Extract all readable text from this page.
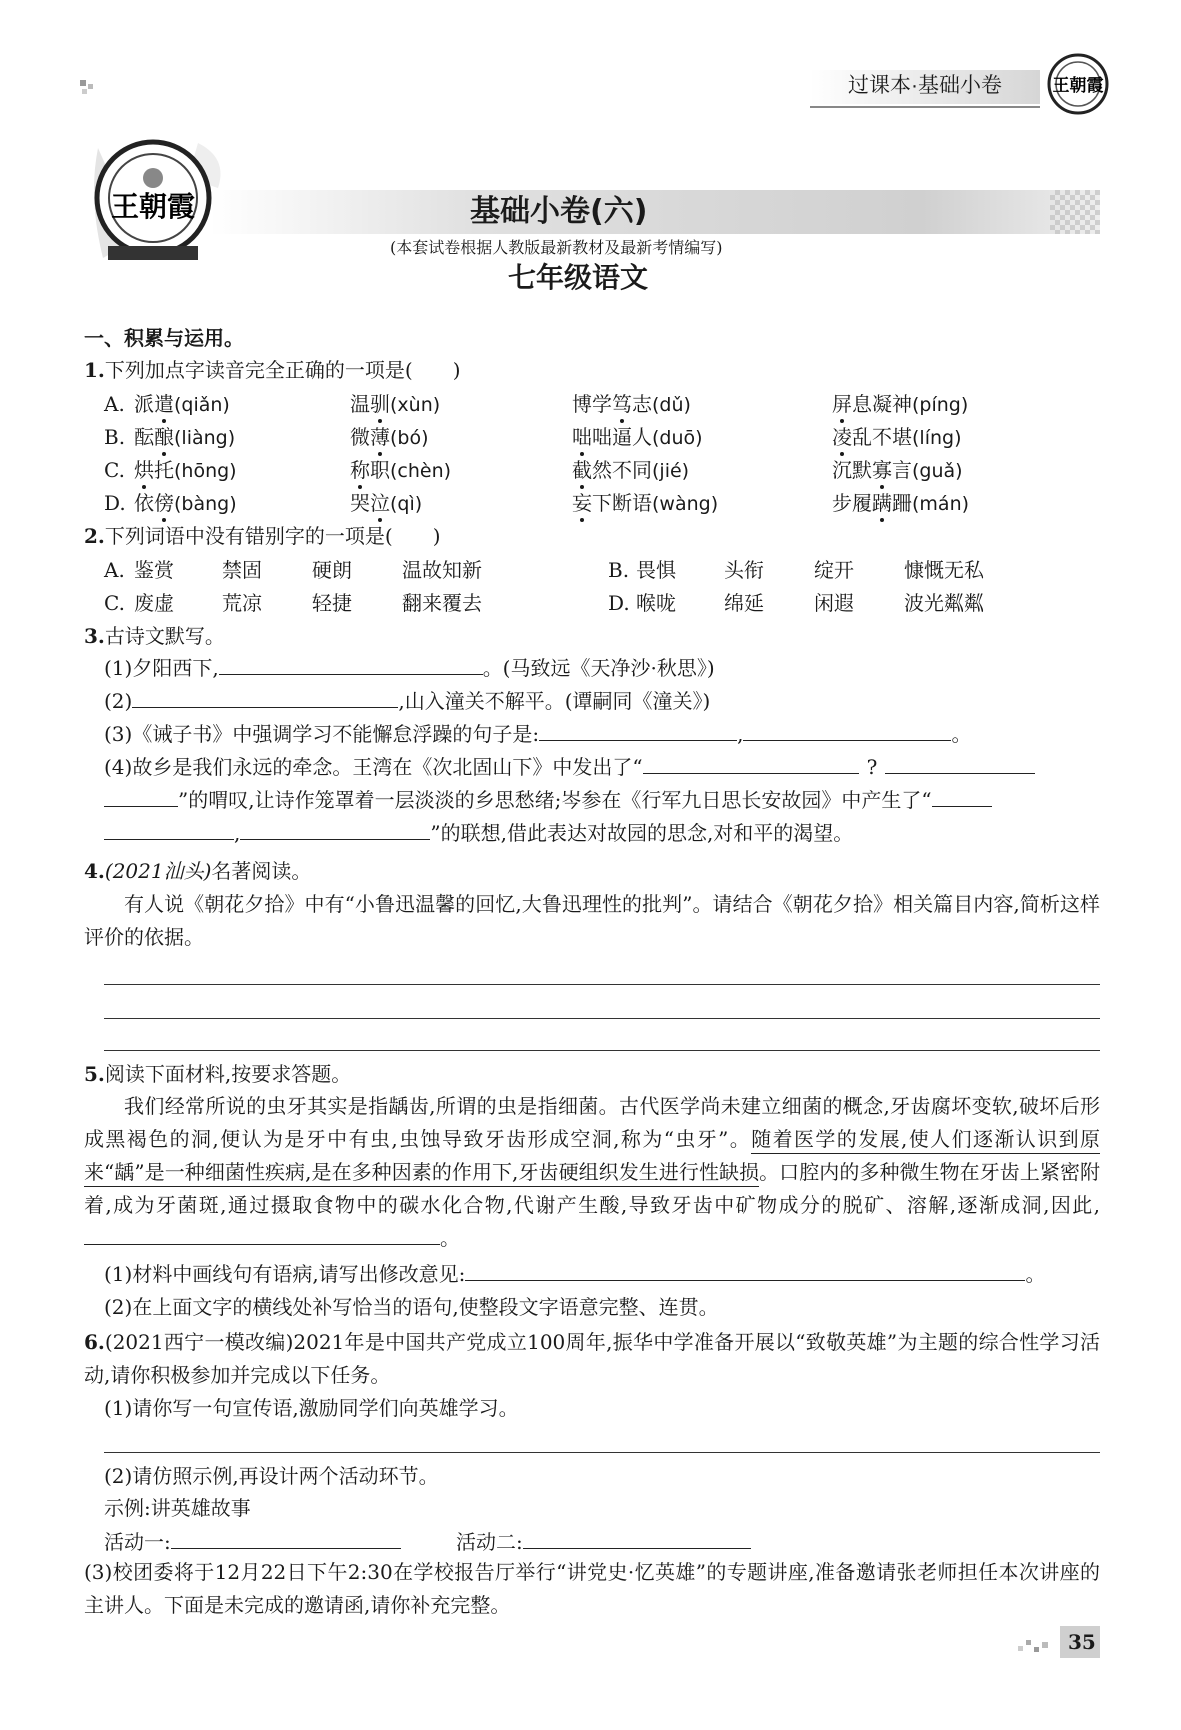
过课本·基础小卷	王朝霞
王朝霞	基础小卷(六)
(本套试卷根据人教版最新教材及最新考情编写)
七年级语文
一、积累与运用。
1.下列加点字读音完全正确的一项是(　　)
A. 派遣(qiǎn)	温驯(xùn)	博学笃志(dǔ)	屏息凝神(píng)
B. 酝酿(liàng)	微薄(bó)	咄咄逼人(duō)	凌乱不堪(líng)
C. 烘托(hōng)	称职(chèn)	截然不同(jié)	沉默寡言(guǎ)
D. 依傍(bàng)	哭泣(qì)	妄下断语(wàng)	步履蹒跚(mán)
2.下列词语中没有错别字的一项是(　　)
A. 鉴赏 禁固	硬朗	温故知新	B. 畏惧 头衔	绽开	慷慨无私
C. 废虚 荒凉	轻捷	翻来覆去	D. 喉咙 绵延	闲遐	波光粼粼
3.古诗文默写。
(1)夕阳西下,	。(马致远《天净沙·秋思》)
(2)	,山入潼关不解平。(谭嗣同《潼关》)
(3)《诫子书》中强调学习不能懈怠浮躁的句子是:	,	。
(4)故乡是我们永远的牵念。王湾在《次北固山下》中发出了“	?
”的喟叹,让诗作笼罩着一层淡淡的乡思愁绪;岑参在《行军九日思长安故园》中产生了“
,	”的联想,借此表达对故园的思念,对和平的渴望。
4.(2021汕头)名著阅读。
有人说《朝花夕拾》中有“小鲁迅温馨的回忆,大鲁迅理性的批判”。请结合《朝花夕拾》相关篇目内容,简析这样评价的依据。
5.阅读下面材料,按要求答题。
我们经常所说的虫牙其实是指龋齿,所谓的虫是指细菌。古代医学尚未建立细菌的概念,牙齿腐坏变软,破坏后形成黑褐色的洞,便认为是牙中有虫,虫蚀导致牙齿形成空洞,称为“虫牙”。随着医学的发展,使人们逐渐认识到原来“龋”是一种细菌性疾病,是在多种因素的作用下,牙齿硬组织发生进行性缺损。口腔内的多种微生物在牙齿上紧密附着,成为牙菌斑,通过摄取食物中的碳水化合物,代谢产生酸,导致牙齿中矿物成分的脱矿、溶解,逐渐成洞,因此,。
(1)材料中画线句有语病,请写出修改意见:	。
(2)在上面文字的横线处补写恰当的语句,使整段文字语意完整、连贯。
6.(2021西宁一模改编)2021年是中国共产党成立100周年,振华中学准备开展以“致敬英雄”为主题的综合性学习活动,请你积极参加并完成以下任务。
(1)请你写一句宣传语,激励同学们向英雄学习。
(2)请仿照示例,再设计两个活动环节。
示例:讲英雄故事
活动一:	活动二:
(3)校团委将于12月22日下午2:30在学校报告厅举行“讲党史·忆英雄”的专题讲座,准备邀请张老师担任本次讲座的主讲人。下面是未完成的邀请函,请你补充完整。
35
